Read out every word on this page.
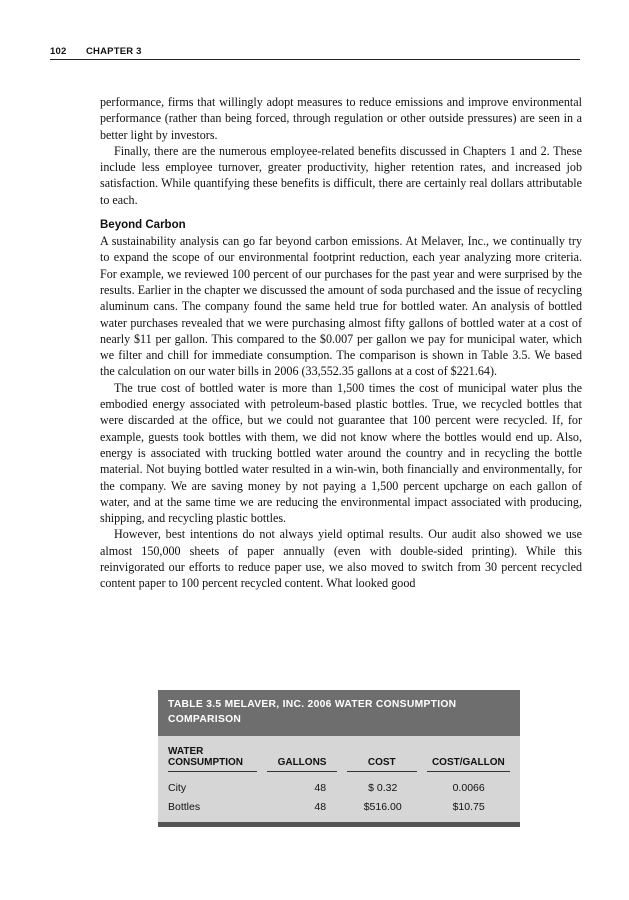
102 CHAPTER 3

performance, firms that willingly adopt measures to reduce emissions and improve environmental performance (rather than being forced, through regulation or other outside pressures) are seen in a better light by investors.

Finally, there are the numerous employee-related benefits discussed in Chapters 1 and 2. These include less employee turnover, greater productivity, higher retention rates, and increased job satisfaction. While quantifying these benefits is difficult, there are certainly real dollars attributable to each.

Beyond Carbon

A sustainability analysis can go far beyond carbon emissions. At Melaver, Inc., we continually try to expand the scope of our environmental footprint reduction, each year analyzing more criteria. For example, we reviewed 100 percent of our purchases for the past year and were surprised by the results. Earlier in the chapter we discussed the amount of soda purchased and the issue of recycling aluminum cans. The company found the same held true for bottled water. An analysis of bottled water purchases revealed that we were purchasing almost fifty gallons of bottled water at a cost of nearly $11 per gallon. This compared to the $0.007 per gallon we pay for municipal water, which we filter and chill for immediate consumption. The comparison is shown in Table 3.5. We based the calculation on our water bills in 2006 (33,552.35 gallons at a cost of $221.64).

The true cost of bottled water is more than 1,500 times the cost of municipal water plus the embodied energy associated with petroleum-based plastic bottles. True, we recycled bottles that were discarded at the office, but we could not guarantee that 100 percent were recycled. If, for example, guests took bottles with them, we did not know where the bottles would end up. Also, energy is associated with trucking bottled water around the country and in recycling the bottle material. Not buying bottled water resulted in a win-win, both financially and environmentally, for the company. We are saving money by not paying a 1,500 percent upcharge on each gallon of water, and at the same time we are reducing the environmental impact associated with producing, shipping, and recycling plastic bottles.

However, best intentions do not always yield optimal results. Our audit also showed we use almost 150,000 sheets of paper annually (even with double-sided printing). While this reinvigorated our efforts to reduce paper use, we also moved to switch from 30 percent recycled content paper to 100 percent recycled content. What looked good

TABLE 3.5 MELAVER, INC. 2006 WATER CONSUMPTION
COMPARISON
WATER
CONSUMPTION	GALLONS	COST	COST/GALLON
City	48	$ 0.32	0.0066
Bottles	48	$516.00	$10.75
